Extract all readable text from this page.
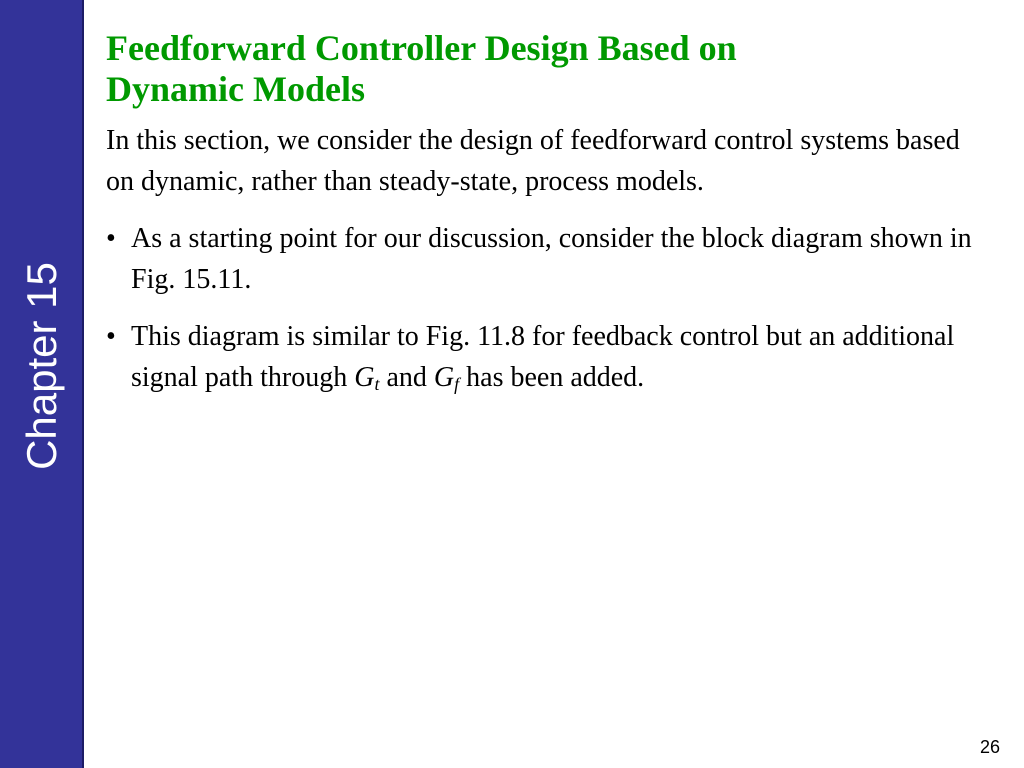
Chapter 15
Feedforward Controller Design Based on
Dynamic Models

In this section, we consider the design of feedforward control systems based on dynamic, rather than steady-state, process models.

• As a starting point for our discussion, consider the block diagram shown in Fig. 15.11.
• This diagram is similar to Fig. 11.8 for feedback control but an additional signal path through $G_t$ and $G_f$ has been added.
26
